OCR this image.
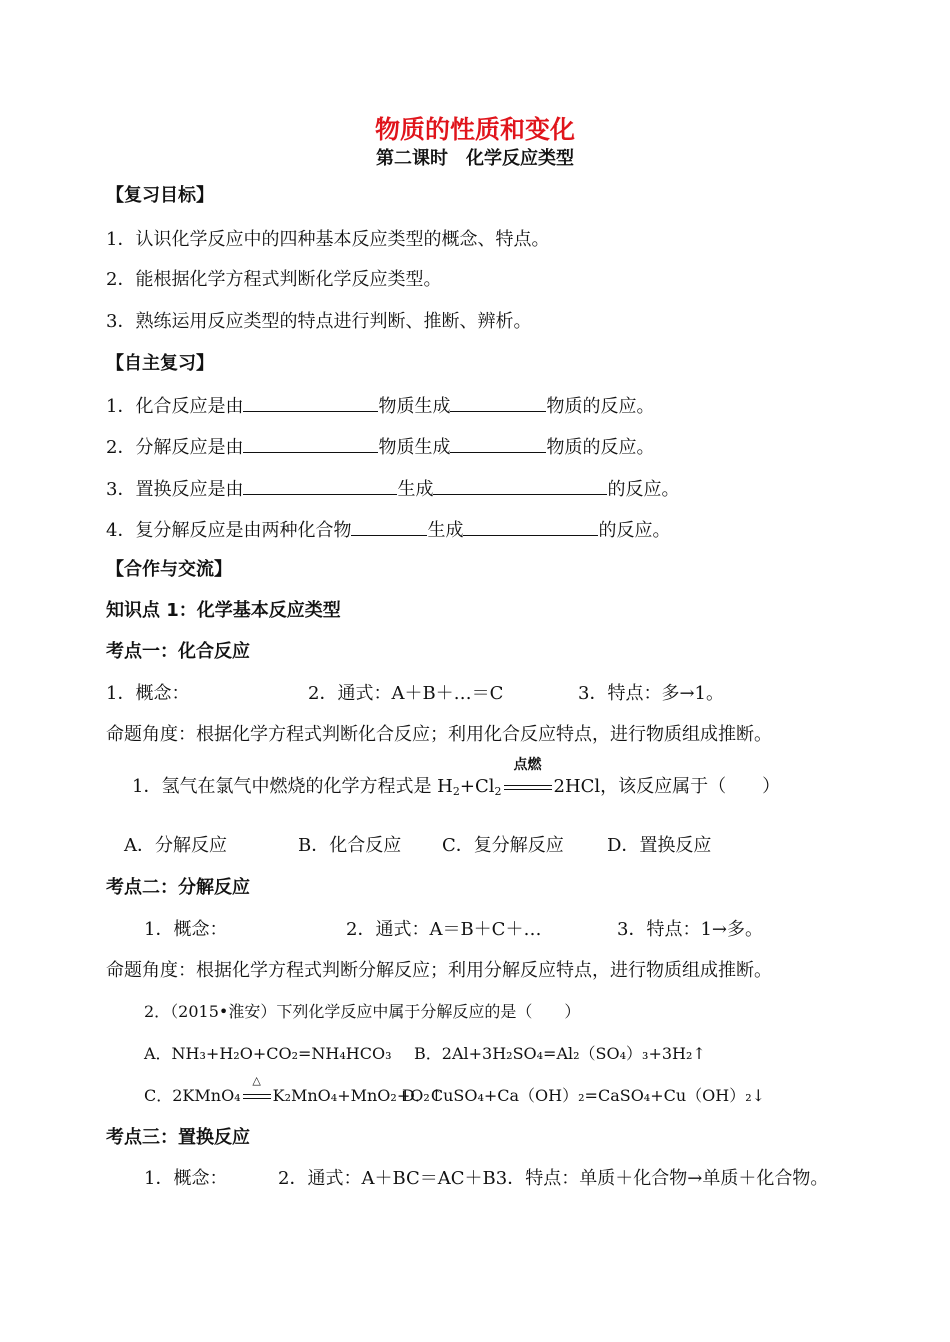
物质的性质和变化
第二课时　化学反应类型
【复习目标】
1．认识化学反应中的四种基本反应类型的概念、特点。
2．能根据化学方程式判断化学反应类型。
3．熟练运用反应类型的特点进行判断、推断、辨析。
【自主复习】
1．化合反应是由	物质生成	物质的反应。
2．分解反应是由	物质生成	物质的反应。
3．置换反应是由	生成	的反应。
4．复分解反应是由两种化合物	生成	的反应。
【合作与交流】
知识点 1：化学基本反应类型
考点一：化合反应
1．概念：	2．通式：A＋B＋…＝C	3．特点：多→1。
命题角度：根据化学方程式判断化合反应；利用化合反应特点，进行物质组成推断。
1．氢气在氯气中燃烧的化学方程式是 $H_2+Cl_2$
点燃
2HCl，该反应属于（　　）
A．分解反应	B．化合反应 C．复分解反应 D．置换反应
考点二：分解反应
1．概念：	2．通式：A＝B＋C＋…	3．特点：1→多。
命题角度：根据化学方程式判断分解反应；利用分解反应特点，进行物质组成推断。
2．（2015•淮安）下列化学反应中属于分解反应的是（　　）
A．NH₃+H₂O+CO₂=NH₄HCO₃ B．2Al+3H₂SO₄=Al₂（SO₄）₃+3H₂↑
C．2KMnO₄
△
K₂MnO₄+MnO₂+O₂↑
D．CuSO₄+Ca（OH）₂=CaSO₄+Cu（OH）₂↓
考点三：置换反应
1．概念：	2．通式：A＋BC＝AC＋B3．特点：单质＋化合物→单质＋化合物。
